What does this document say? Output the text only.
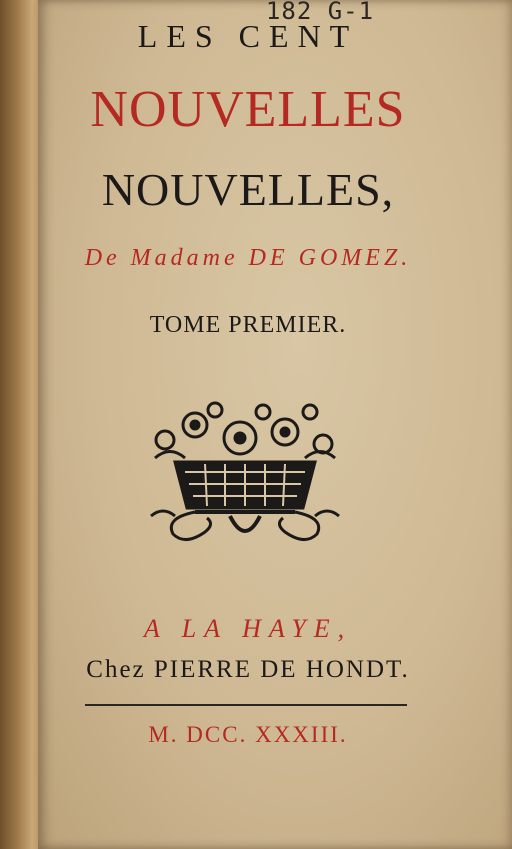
182 G-1
LES CENT
NOUVELLES
NOUVELLES,
De Madame DE GOMEZ.
TOME PREMIER.
A LA HAYE,
Chez PIERRE DE HONDT.
M. DCC. XXXIII.
